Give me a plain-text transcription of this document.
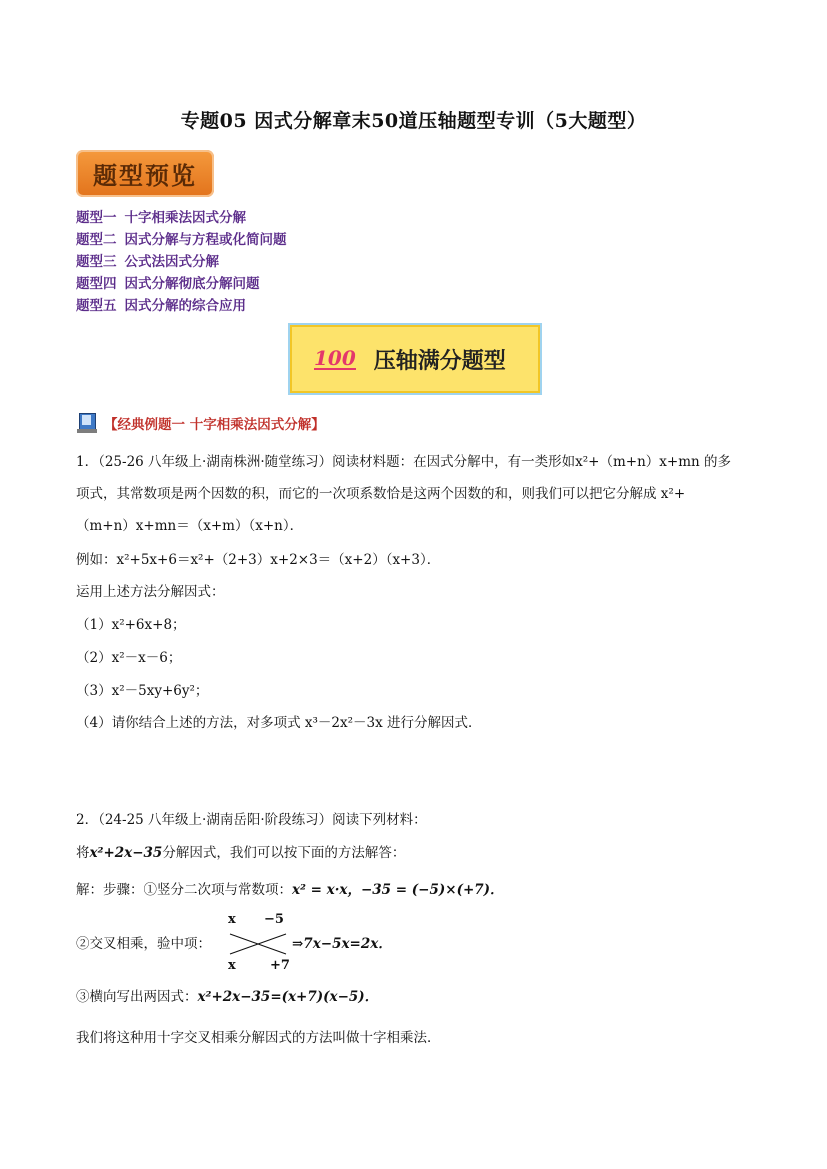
专题05 因式分解章末50道压轴题型专训（5大题型）
题型预览
题型一 十字相乘法因式分解
题型二 因式分解与方程或化简问题
题型三 公式法因式分解
题型四 因式分解彻底分解问题
题型五 因式分解的综合应用
100 压轴满分题型
【经典例题一 十字相乘法因式分解】
1．（25-26 八年级上·湖南株洲·随堂练习）阅读材料题：在因式分解中，有一类形如x²+（m+n）x+mn 的多
项式，其常数项是两个因数的积，而它的一次项系数恰是这两个因数的和，则我们可以把它分解成 x²+
（m+n）x+mn＝（x+m）（x+n）．
例如：x²+5x+6＝x²+（2+3）x+2×3＝（x+2）（x+3）．
运用上述方法分解因式：
（1）x²+6x+8；
（2）x²－x－6；
（3）x²－5xy+6y²；
（4）请你结合上述的方法，对多项式 x³－2x²－3x 进行分解因式．
2．（24-25 八年级上·湖南岳阳·阶段练习）阅读下列材料：
将x²+2x−35分解因式，我们可以按下面的方法解答：
解：步骤：①竖分二次项与常数项：x² = x·x，−35 = (−5)×(+7)．
x −5
x	+7
②交叉相乘，验中项：	⇒7x−5x=2x．
③横向写出两因式：x²+2x−35=(x+7)(x−5)．
我们将这种用十字交叉相乘分解因式的方法叫做十字相乘法．
